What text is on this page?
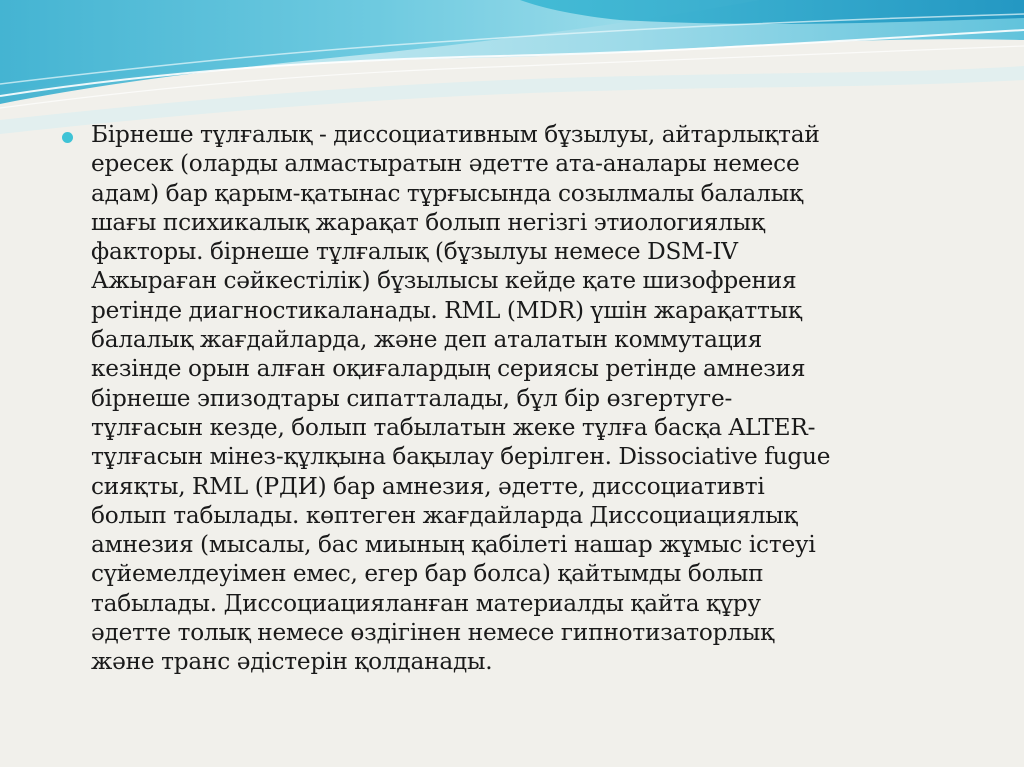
Бірнеше тұлғалық - диссоциативным бұзылуы, айтарлықтай
ересек (оларды алмастыратын әдетте ата-аналары немесе
адам) бар қарым-қатынас тұрғысында созылмалы балалық
шағы психикалық жарақат болып негізгі этиологиялық
факторы. бірнеше тұлғалық (бұзылуы немесе DSM-IV
Ажыраған сәйкестілік) бұзылысы кейде қате шизофрения
ретінде диагностикаланады. RML (MDR) үшін жарақаттық
балалық жағдайларда, және деп аталатын коммутация
кезінде орын алған оқиғалардың сериясы ретінде амнезия
бірнеше эпизодтары сипатталады, бұл бір өзгертуге-
тұлғасын кезде, болып табылатын жеке тұлға басқа ALTER-
тұлғасын мінез-құлқына бақылау берілген. Dissociative fugue
сияқты, RML (РДИ) бар амнезия, әдетте, диссоциативті
болып табылады. көптеген жағдайларда Диссоциациялық
амнезия (мысалы, бас миының қабілеті нашар жұмыс істеуі
сүйемелдеуімен емес, егер бар болса) қайтымды болып
табылады. Диссоциацияланған материалды қайта құру
әдетте толық немесе өздігінен немесе гипнотизаторлық
және транс әдістерін қолданады.
